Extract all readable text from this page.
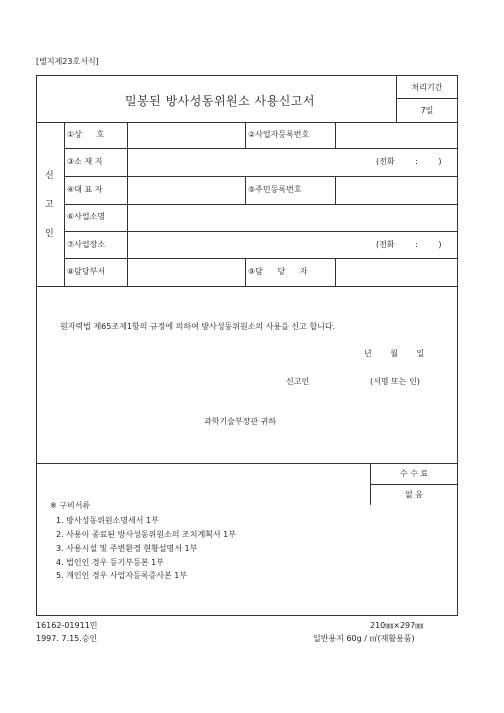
[별지제23호서식]
밀봉된 방사성동위원소 사용신고서
처리기간
7일
신
고
인
①상 호	②사업자등록번호
③소 재 지	(전화 : )
④대 표 자	⑤주민등록번호
⑥사업소명
⑦사업장소	(전화 : )
⑧담당부서	⑨담 당 자
원자력법 제65조제1항의 규정에 의하여 방사성동위원소의 사용을 신고 합니다.
년 월 일
신고인	(서명 또는 인)
과학기술부장관 귀하
수 수 료
없 음
※ 구비서류
1. 방사성동위원소명세서 1부
2. 사용이 종료된 방사성동위원소의 조치계획서 1부
3. 사용시설 및 주변환경 현황설명서 1부
4. 법인인 경우 등기부등본 1부
5. 개인인 경우 사업자등록증사본 1부
16162-01911민
1997. 7.15.승인
210㎜×297㎜
일반용지 60g / ㎡(재활용품)
